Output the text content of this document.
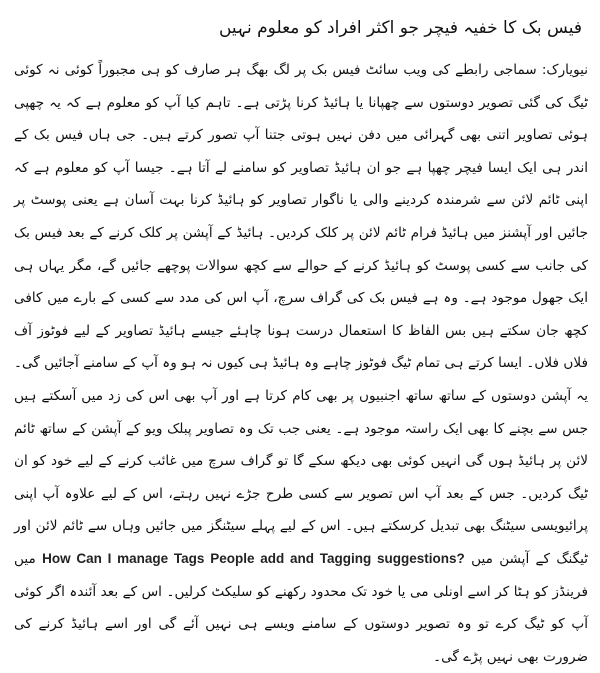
فیس بک کا خفیہ فیچر جو اکثر افراد کو معلوم نہیں

نیویارک: سماجی رابطے کی ویب سائٹ فیس بک پر لگ بھگ ہر صارف کو ہی مجبوراً کوئی نہ کوئی ٹیگ کی گئی تصویر دوستوں سے چھپانا یا ہائیڈ کرنا پڑتی ہے۔ تاہم کیا آپ کو معلوم ہے کہ یہ چھپی ہوئی تصاویر اتنی بھی گہرائی میں دفن نہیں ہوتی جتنا آپ تصور کرتے ہیں۔ جی ہاں فیس بک کے اندر ہی ایک ایسا فیچر چھپا ہے جو ان ہائیڈ تصاویر کو سامنے لے آتا ہے۔ جیسا آپ کو معلوم ہے کہ اپنی ٹائم لائن سے شرمندہ کردینے والی یا ناگوار تصاویر کو ہائیڈ کرنا بہت آسان ہے یعنی پوسٹ پر جائیں اور آپشنز میں ہائیڈ فرام ٹائم لائن پر کلک کردیں۔ ہائیڈ کے آپشن پر کلک کرنے کے بعد فیس بک کی جانب سے کسی پوسٹ کو ہائیڈ کرنے کے حوالے سے کچھ سوالات پوچھے جائیں گے، مگر یہاں ہی ایک جھول موجود ہے۔ وہ ہے فیس بک کی گراف سرچ، آپ اس کی مدد سے کسی کے بارے میں کافی کچھ جان سکتے ہیں بس الفاظ کا استعمال درست ہونا چاہئے جیسے ہائیڈ تصاویر کے لیے فوٹوز آف فلاں فلاں۔ ایسا کرتے ہی تمام ٹیگ فوٹوز چاہے وہ ہائیڈ ہی کیوں نہ ہو وہ آپ کے سامنے آجائیں گی۔ یہ آپشن دوستوں کے ساتھ ساتھ اجنبیوں پر بھی کام کرتا ہے اور آپ بھی اس کی زد میں آسکتے ہیں جس سے بچنے کا بھی ایک راستہ موجود ہے۔ یعنی جب تک وہ تصاویر پبلک ویو کے آپشن کے ساتھ ٹائم لائن پر ہائیڈ ہوں گی انہیں کوئی بھی دیکھ سکے گا تو گراف سرچ میں غائب کرنے کے لیے خود کو ان ٹیگ کردیں۔ جس کے بعد آپ اس تصویر سے کسی طرح جڑے نہیں رہتے، اس کے لیے علاوہ آپ اپنی پرائیویسی سیٹنگ بھی تبدیل کرسکتے ہیں۔ اس کے لیے پہلے سیٹنگز میں جائیں وہاں سے ٹائم لائن اور ٹیگنگ کے آپشن میں How Can I manage Tags People add and Tagging suggestions? میں فرینڈز کو ہٹا کر اسے اونلی می یا خود تک محدود رکھنے کو سلیکٹ کرلیں۔ اس کے بعد آئندہ اگر کوئی آپ کو ٹیگ کرے تو وہ تصویر دوستوں کے سامنے ویسے ہی نہیں آئے گی اور اسے ہائیڈ کرنے کی ضرورت بھی نہیں پڑے گی۔
